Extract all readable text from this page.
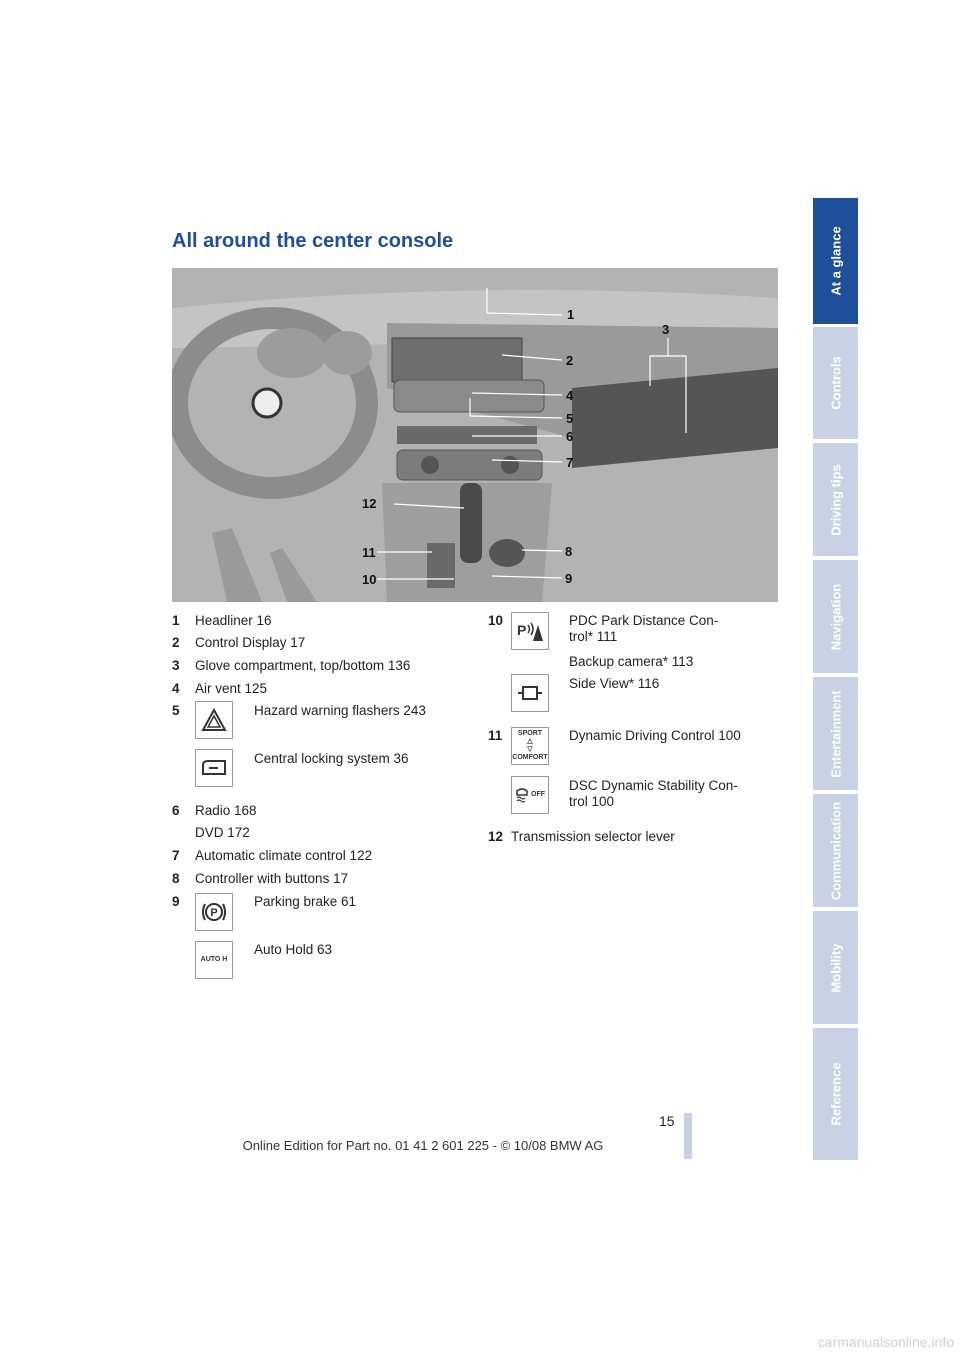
At a glance
Controls
Driving tips
Navigation
Entertainment
Communication
Mobility
Reference
All around the center console
1
2
3
4
5
6
7
12
11
10
8
9
1 Headliner 16
2 Control Display 17
3 Glove compartment, top/bottom 136
4 Air vent 125
5	Hazard warning flashers 243
Central locking system 36
6 Radio 168
DVD 172
7 Automatic climate control 122
8 Controller with buttons 17
9
P
Parking brake 61
AUTO H
Auto Hold 63
10
P
PDC Park Distance Con-
trol* 111
Backup camera* 113
Side View* 116
11	SPORT
△
▽
COMFORT
Dynamic Driving Control 100
OFF
DSC Dynamic Stability Con-
trol 100
12 Transmission selector lever
15
Online Edition for Part no. 01 41 2 601 225 - © 10/08 BMW AG
carmanualsonline.info
